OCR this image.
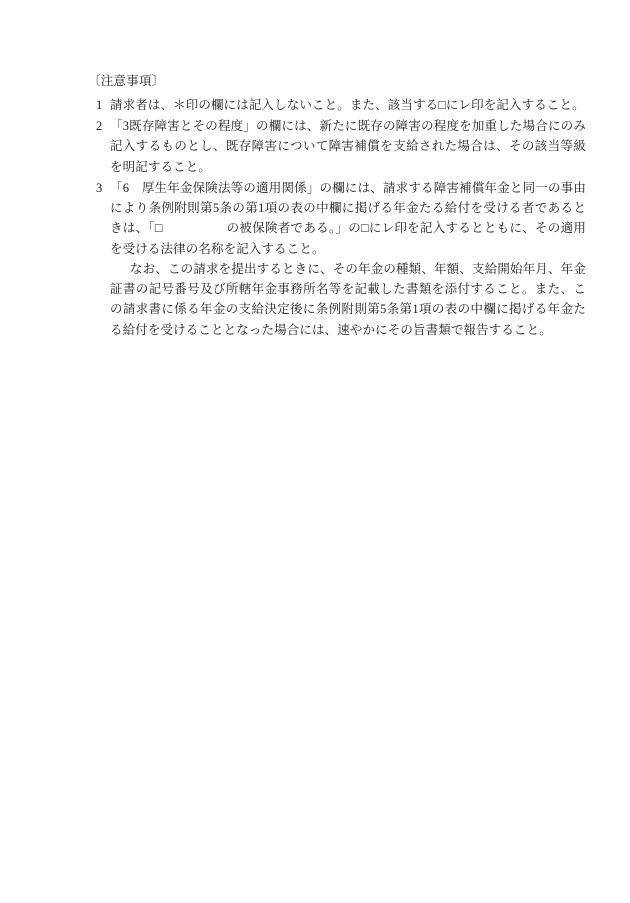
〔注意事項〕
1 請求者は、＊印の欄には記入しないこと。また、該当する□にレ印を記入すること。

2 「3既存障害とその程度」の欄には、新たに既存の障害の程度を加重した場合にのみ記入するものとし、既存障害について障害補償を支給された場合は、その該当等級を明記すること。

3 「6　厚生年金保険法等の適用関係」の欄には、請求する障害補償年金と同一の事由により条例附則第5条の第1項の表の中欄に掲げる年金たる給付を受ける者であるときは、「□　　　　　の被保険者である。」の□にレ印を記入するとともに、その適用を受ける法律の名称を記入すること。

なお、この請求を提出するときに、その年金の種類、年額、支給開始年月、年金証書の記号番号及び所轄年金事務所名等を記載した書類を添付すること。また、この請求書に係る年金の支給決定後に条例附則第5条第1項の表の中欄に掲げる年金たる給付を受けることとなった場合には、速やかにその旨書類で報告すること。
